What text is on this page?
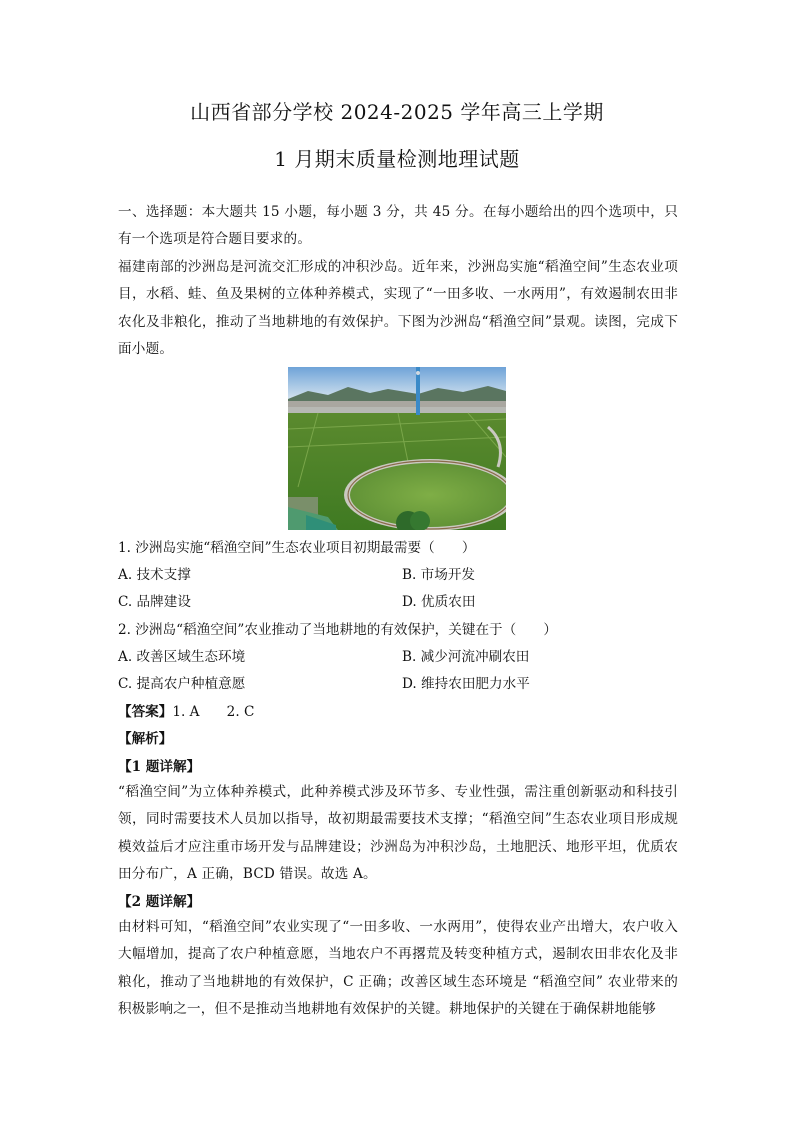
山西省部分学校 2024-2025 学年高三上学期
1 月期末质量检测地理试题

一、选择题：本大题共 15 小题，每小题 3 分，共 45 分。在每小题给出的四个选项中，只有一个选项是符合题目要求的。

福建南部的沙洲岛是河流交汇形成的冲积沙岛。近年来，沙洲岛实施“稻渔空间”生态农业项目，水稻、蛙、鱼及果树的立体种养模式，实现了“一田多收、一水两用”，有效遏制农田非农化及非粮化，推动了当地耕地的有效保护。下图为沙洲岛“稻渔空间”景观。读图，完成下面小题。

1. 沙洲岛实施“稻渔空间”生态农业项目初期最需要（　　）
A. 技术支撑	B. 市场开发
C. 品牌建设	D. 优质农田
2. 沙洲岛“稻渔空间”农业推动了当地耕地的有效保护，关键在于（　　）
A. 改善区域生态环境	B. 减少河流冲刷农田
C. 提高农户种植意愿	D. 维持农田肥力水平
【答案】1. A　　2. C
【解析】
【1 题详解】

“稻渔空间”为立体种养模式，此种养模式涉及环节多、专业性强，需注重创新驱动和科技引领，同时需要技术人员加以指导，故初期最需要技术支撑；“稻渔空间”生态农业项目形成规模效益后才应注重市场开发与品牌建设；沙洲岛为冲积沙岛，土地肥沃、地形平坦，优质农田分布广，A 正确，BCD 错误。故选 A。

【2 题详解】

由材料可知，“稻渔空间”农业实现了“一田多收、一水两用”，使得农业产出增大，农户收入大幅增加，提高了农户种植意愿，当地农户不再撂荒及转变种植方式，遏制农田非农化及非粮化，推动了当地耕地的有效保护，C 正确；改善区域生态环境是 “稻渔空间” 农业带来的积极影响之一，但不是推动当地耕地有效保护的关键。耕地保护的关键在于确保耕地能够
